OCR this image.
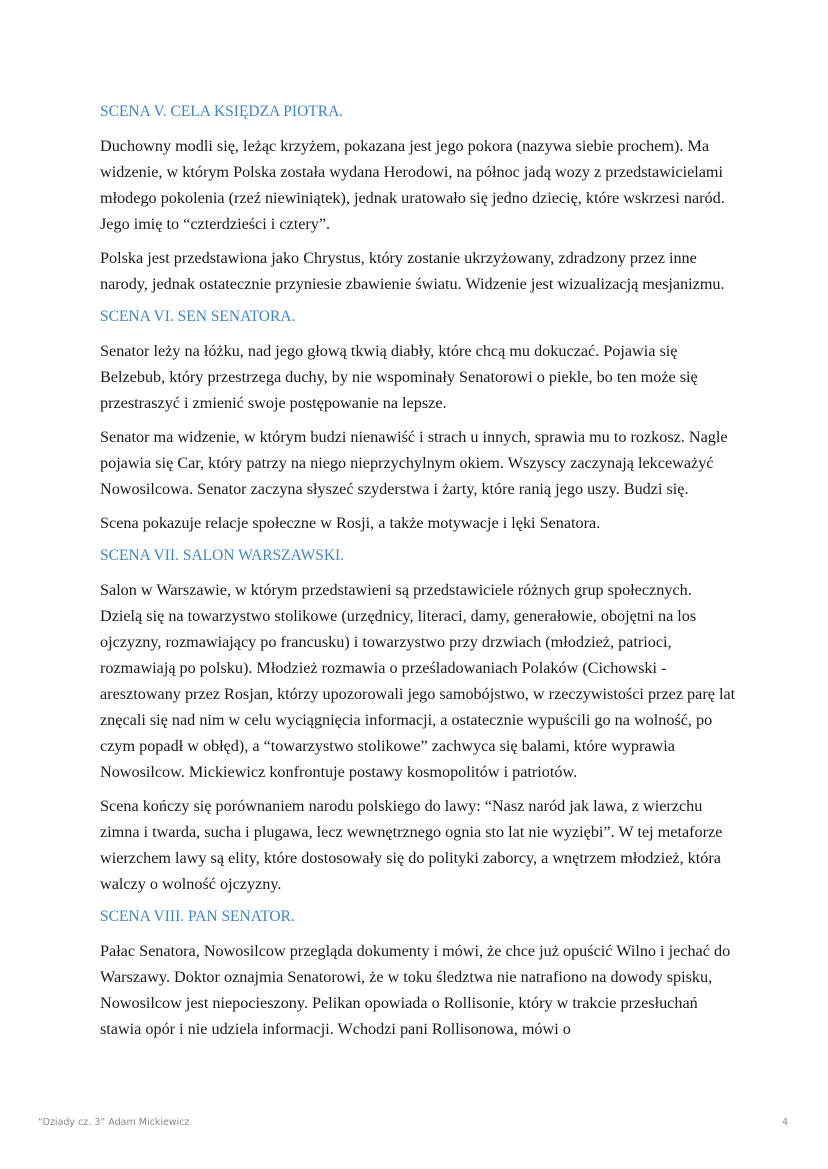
SCENA V. CELA KSIĘDZA PIOTRA.

Duchowny modli się, leżąc krzyżem, pokazana jest jego pokora (nazywa siebie prochem). Ma widzenie, w którym Polska została wydana Herodowi, na północ jadą wozy z przedstawicielami młodego pokolenia (rzeź niewiniątek), jednak uratowało się jedno dziecię, które wskrzesi naród. Jego imię to “czterdzieści i cztery”.

Polska jest przedstawiona jako Chrystus, który zostanie ukrzyżowany, zdradzony przez inne narody, jednak ostatecznie przyniesie zbawienie światu. Widzenie jest wizualizacją mesjanizmu.

SCENA VI. SEN SENATORA.

Senator leży na łóżku, nad jego głową tkwią diabły, które chcą mu dokuczać. Pojawia się Belzebub, który przestrzega duchy, by nie wspominały Senatorowi o piekle, bo ten może się przestraszyć i zmienić swoje postępowanie na lepsze.

Senator ma widzenie, w którym budzi nienawiść i strach u innych, sprawia mu to rozkosz. Nagle pojawia się Car, który patrzy na niego nieprzychylnym okiem. Wszyscy zaczynają lekceważyć Nowosilcowa. Senator zaczyna słyszeć szyderstwa i żarty, które ranią jego uszy. Budzi się.

Scena pokazuje relacje społeczne w Rosji, a także motywacje i lęki Senatora.

SCENA VII. SALON WARSZAWSKI.

Salon w Warszawie, w którym przedstawieni są przedstawiciele różnych grup społecznych. Dzielą się na towarzystwo stolikowe (urzędnicy, literaci, damy, generałowie, obojętni na los ojczyzny, rozmawiający po francusku) i towarzystwo przy drzwiach (młodzież, patrioci, rozmawiają po polsku). Młodzież rozmawia o prześladowaniach Polaków (Cichowski - aresztowany przez Rosjan, którzy upozorowali jego samobójstwo, w rzeczywistości przez parę lat znęcali się nad nim w celu wyciągnięcia informacji, a ostatecznie wypuścili go na wolność, po czym popadł w obłęd), a “towarzystwo stolikowe” zachwyca się balami, które wyprawia Nowosilcow. Mickiewicz konfrontuje postawy kosmopolitów i patriotów.

Scena kończy się porównaniem narodu polskiego do lawy: “Nasz naród jak lawa, z wierzchu zimna i twarda, sucha i plugawa, lecz wewnętrznego ognia sto lat nie wyziębi”. W tej metaforze wierzchem lawy są elity, które dostosowały się do polityki zaborcy, a wnętrzem młodzież, która walczy o wolność ojczyzny.

SCENA VIII. PAN SENATOR.

Pałac Senatora, Nowosilcow przegląda dokumenty i mówi, że chce już opuścić Wilno i jechać do Warszawy. Doktor oznajmia Senatorowi, że w toku śledztwa nie natrafiono na dowody spisku, Nowosilcow jest niepocieszony. Pelikan opowiada o Rollisonie, który w trakcie przesłuchań stawia opór i nie udziela informacji. Wchodzi pani Rollisonowa, mówi o

“Dziady cz. 3” Adam Mickiewicz	4
